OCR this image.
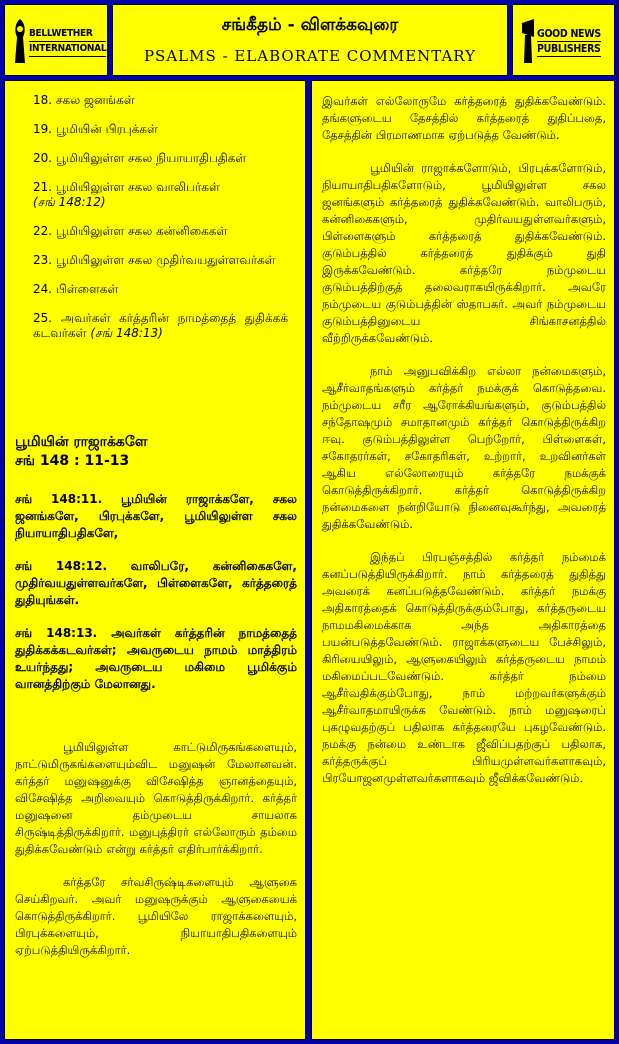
BELLWETHER
INTERNATIONAL
சங்கீதம் - விளக்கவுரை
PSALMS - ELABORATE COMMENTARY
GOOD NEWS
PUBLISHERS
18. சகல ஜனங்கள்
19. பூமியின் பிரபுக்கள்
20. பூமியிலுள்ள சகல நியாயாதிபதிகள்
21. பூமியிலுள்ள சகல வாலிபர்கள்
(சங் 148:12)
22. பூமியிலுள்ள சகல கன்னிகைகள்
23. பூமியிலுள்ள சகல முதிர்வயதுள்ளவர்கள்
24. பிள்ளைகள்
25. அவர்கள் கர்த்தரின் நாமத்தைத் துதிக்கக் கடவர்கள் (சங் 148:13)
பூமியின் ராஜாக்களே
சங் 148 : 11-13

சங் 148:11. பூமியின் ராஜாக்களே, சகல ஜனங்களே, பிரபுக்களே, பூமியிலுள்ள சகல நியாயாதிபதிகளே,

சங் 148:12. வாலிபரே, கன்னிகைகளே, முதிர்வயதுள்ளவர்களே, பிள்ளைகளே, கர்த்தரைத் துதியுங்கள்.

சங் 148:13. அவர்கள் கர்த்தரின் நாமத்தைத் துதிக்கக்கடவர்கள்; அவருடைய நாமம் மாத்திரம் உயர்ந்தது; அவருடைய மகிமை பூமிக்கும் வானத்திற்கும் மேலானது.

பூமியிலுள்ள காட்டுமிருகங்களையும், நாட்டுமிருகங்களையும்விட மனுஷன் மேலானவன். கர்த்தர் மனுஷனுக்கு விசேஷித்த ஞானத்தையும், விசேஷித்த அறிவையும் கொடுத்திருக்கிறார். கர்த்தர் மனுஷனை தம்முடைய சாயலாக சிருஷ்டித்திருக்கிறார். மனுபுத்திரர் எல்லோரும் தம்மை துதிக்கவேண்டும் என்று கர்த்தர் எதிர்பார்க்கிறார்.

கர்த்தரே சர்வசிருஷ்டிகளையும் ஆளுகை செய்கிறவர். அவர் மனுஷருக்கும் ஆளுகையைக் கொடுத்திருக்கிறார். பூமியிலே ராஜாக்களையும், பிரபுக்களையும், நியாயாதிபதிகளையும் ஏற்படுத்தியிருக்கிறார்.

இவர்கள் எல்லோருமே கர்த்தரைத் துதிக்கவேண்டும். தங்களுடைய தேசத்தில் கர்த்தரைத் துதிப்பதை, தேசத்தின் பிரமாணமாக ஏற்படுத்த வேண்டும்.

பூமியின் ராஜாக்களோடும், பிரபுக்களோடும், நியாயாதிபதிகளோடும், பூமியிலுள்ள சகல ஜனங்களும் கர்த்தரைத் துதிக்கவேண்டும். வாலிபரும், கன்னிகைகளும், முதிர்வயதுள்ளவர்களும், பிள்ளைகளும் கர்த்தரைத் துதிக்கவேண்டும். குடும்பத்தில் கர்த்தரைத் துதிக்கும் துதி இருக்கவேண்டும். கர்த்தரே நம்முடைய குடும்பத்திற்குத் தலைவராகயிருக்கிறார். அவரே நம்முடைய குடும்பத்தின் ஸ்தாபகர். அவர் நம்முடைய குடும்பத்தினுடைய சிங்காசனத்தில் வீற்றிருக்கவேண்டும்.

நாம் அனுபவிக்கிற எல்லா நன்மைகளும், ஆசீர்வாதங்களும் கர்த்தர் நமக்குக் கொடுத்தவை. நம்முடைய சரீர ஆரோக்கியங்களும், குடும்பத்தில் சந்தோஷமும் சமாதானமும் கர்த்தர் கொடுத்திருக்கிற ஈவு. குடும்பத்திலுள்ள பெற்றோர், பிள்ளைகள், சகோதரர்கள், சகோதரிகள், உற்றார், உறவினர்கள் ஆகிய எல்லோரையும் கர்த்தரே நமக்குக் கொடுத்திருக்கிறார். கர்த்தர் கொடுத்திருக்கிற நன்மைகளை நன்றியோடு நினைவுகூர்ந்து, அவரைத் துதிக்கவேண்டும்.

இந்தப் பிரபஞ்சத்தில் கர்த்தர் நம்மைக் கனப்படுத்தியிருக்கிறார். நாம் கர்த்தரைத் துதித்து அவரைக் கனப்படுத்தவேண்டும். கர்த்தர் நமக்கு அதிகாரத்தைக் கொடுத்திருக்கும்போது, கர்த்தருடைய நாமமகிமைக்காக அந்த அதிகாரத்தை பயன்படுத்தவேண்டும். ராஜாக்களுடைய பேச்சிலும், கிரியையிலும், ஆளுகையிலும் கர்த்தருடைய நாமம் மகிமைப்படவேண்டும். கர்த்தர் நம்மை ஆசீர்வதிக்கும்போது, நாம் மற்றவர்களுக்கும் ஆசீர்வாதமாயிருக்க வேண்டும். நாம் மனுஷரைப் புகழுவதற்குப் பதிலாக கர்த்தரையே புகழவேண்டும். நமக்கு நன்மை உண்டாக ஜீவிப்பதற்குப் பதிலாக, கர்த்தருக்குப் பிரியமுள்ளவர்களாகவும், பிரயோஜனமுள்ளவர்களாகவும் ஜீவிக்கவேண்டும்.
